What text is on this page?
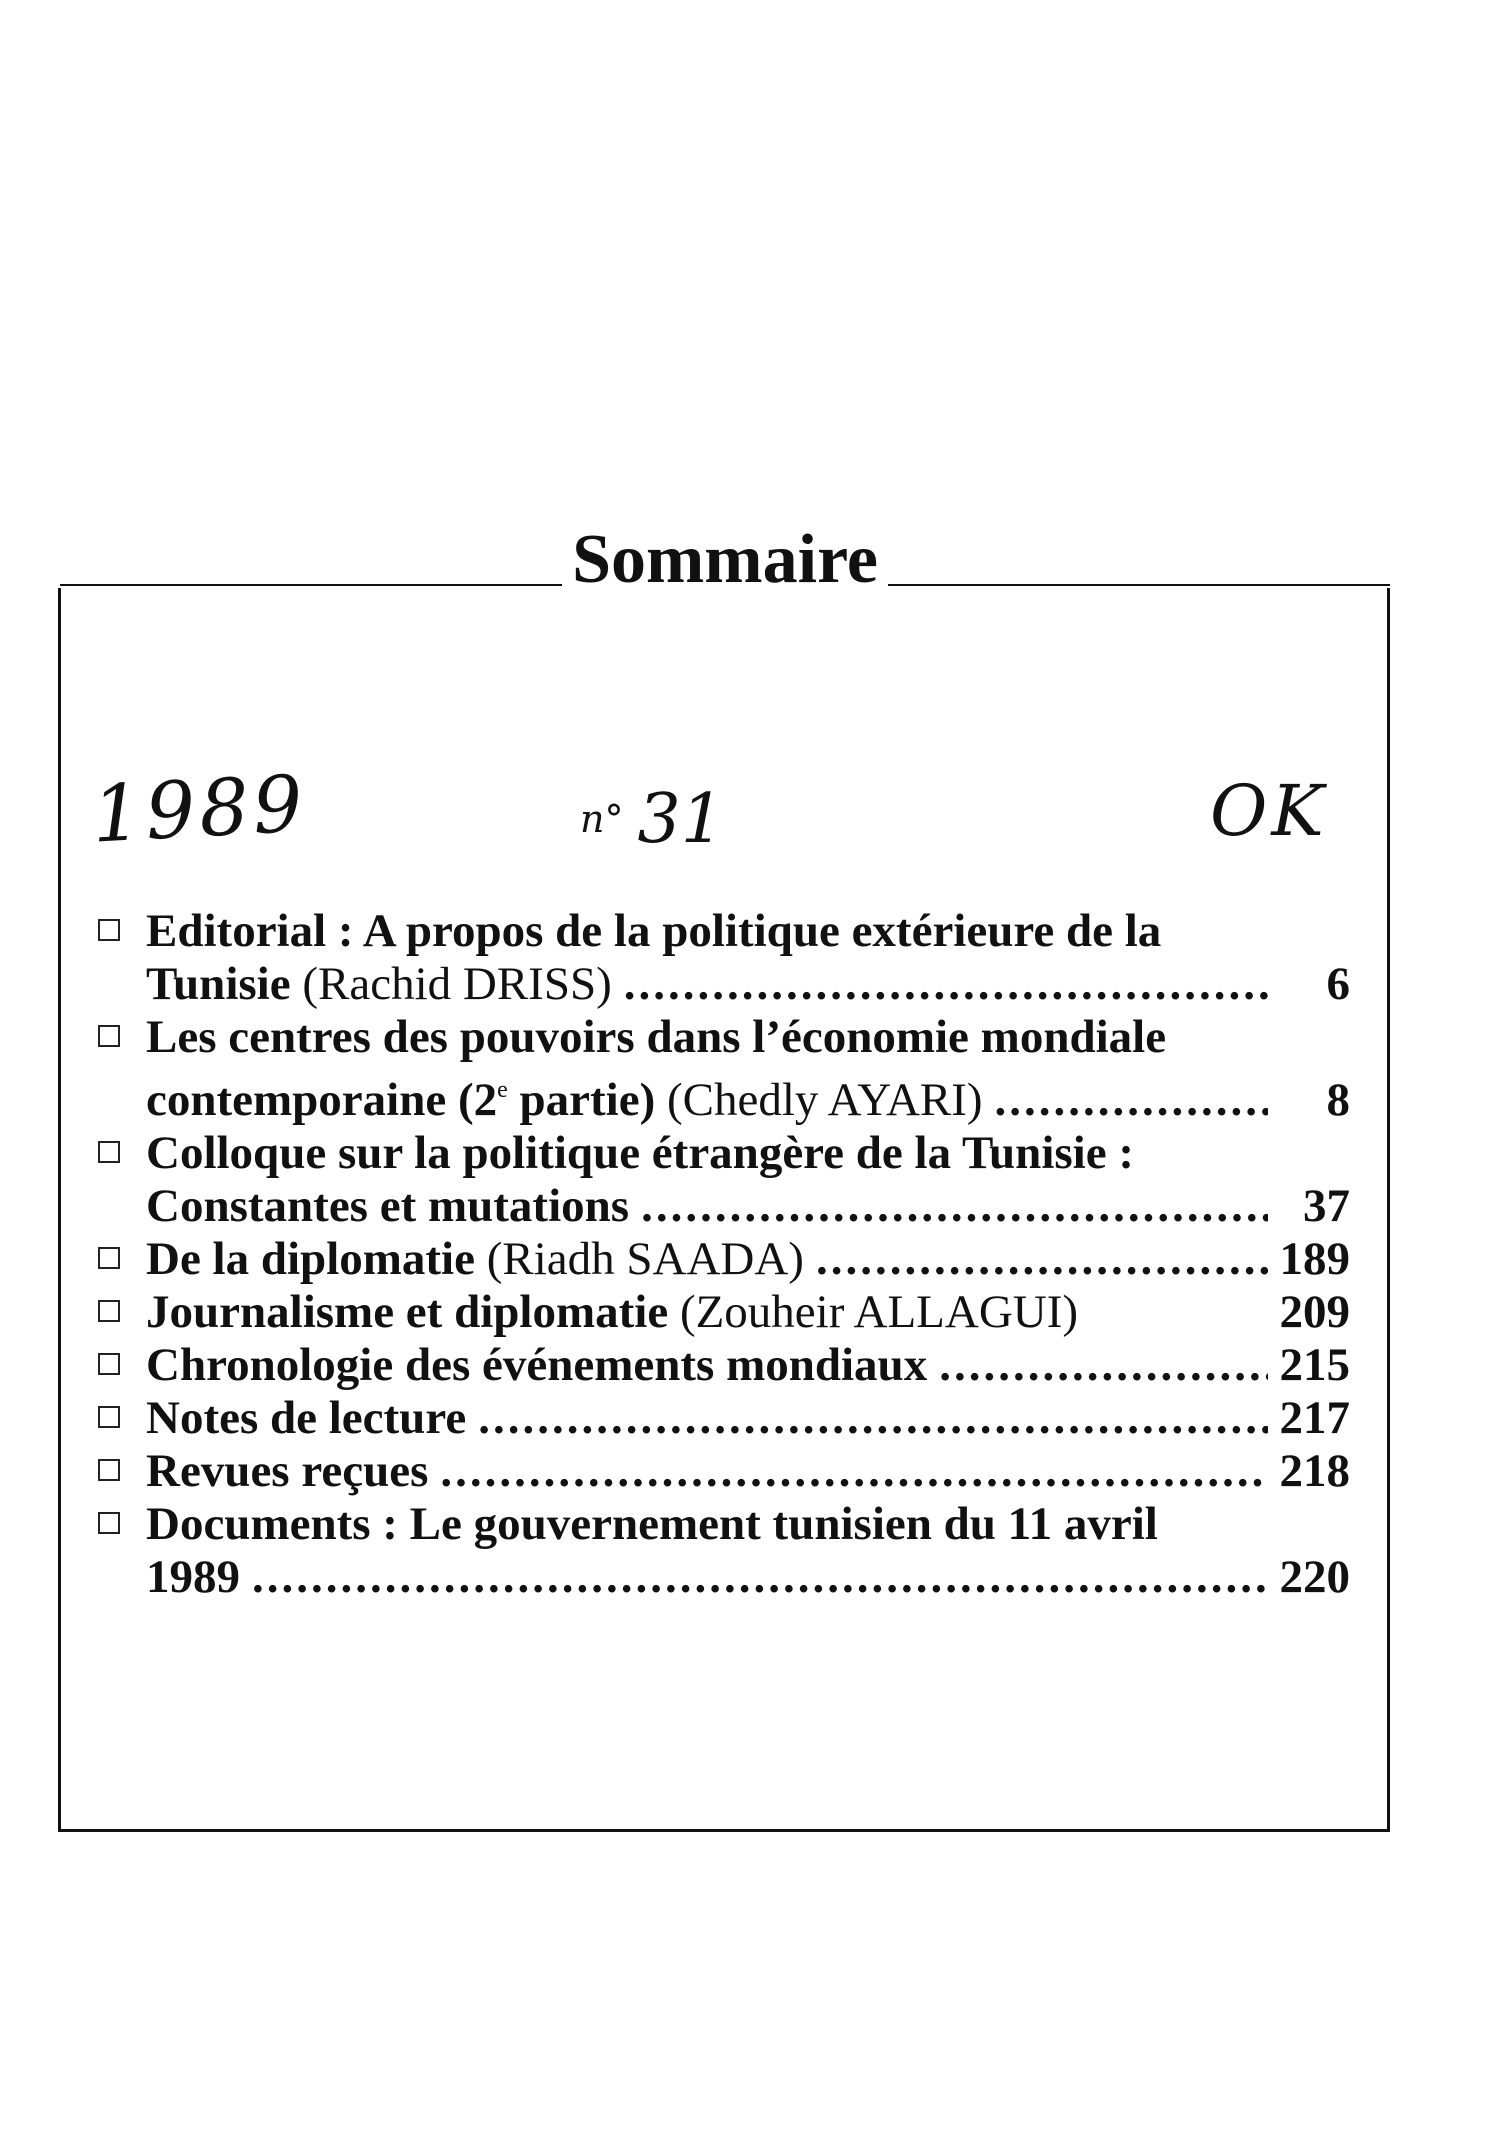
Sommaire
1989	n° 31	OK
Editorial : A propos de la politique extérieure de la
Tunisie (Rachid DRISS) .....	6
Les centres des pouvoirs dans l’économie mondiale
contemporaine (2e partie) (Chedly AYARI) .....	8
Colloque sur la politique étrangère de la Tunisie :
Constantes et mutations .....	37
De la diplomatie (Riadh SAADA) .....	189
Journalisme et diplomatie (Zouheir ALLAGUI)	209
Chronologie des événements mondiaux .....	215
Notes de lecture .....	217
Revues reçues .....	218
Documents : Le gouvernement tunisien du 11 avril
1989 .....	220
